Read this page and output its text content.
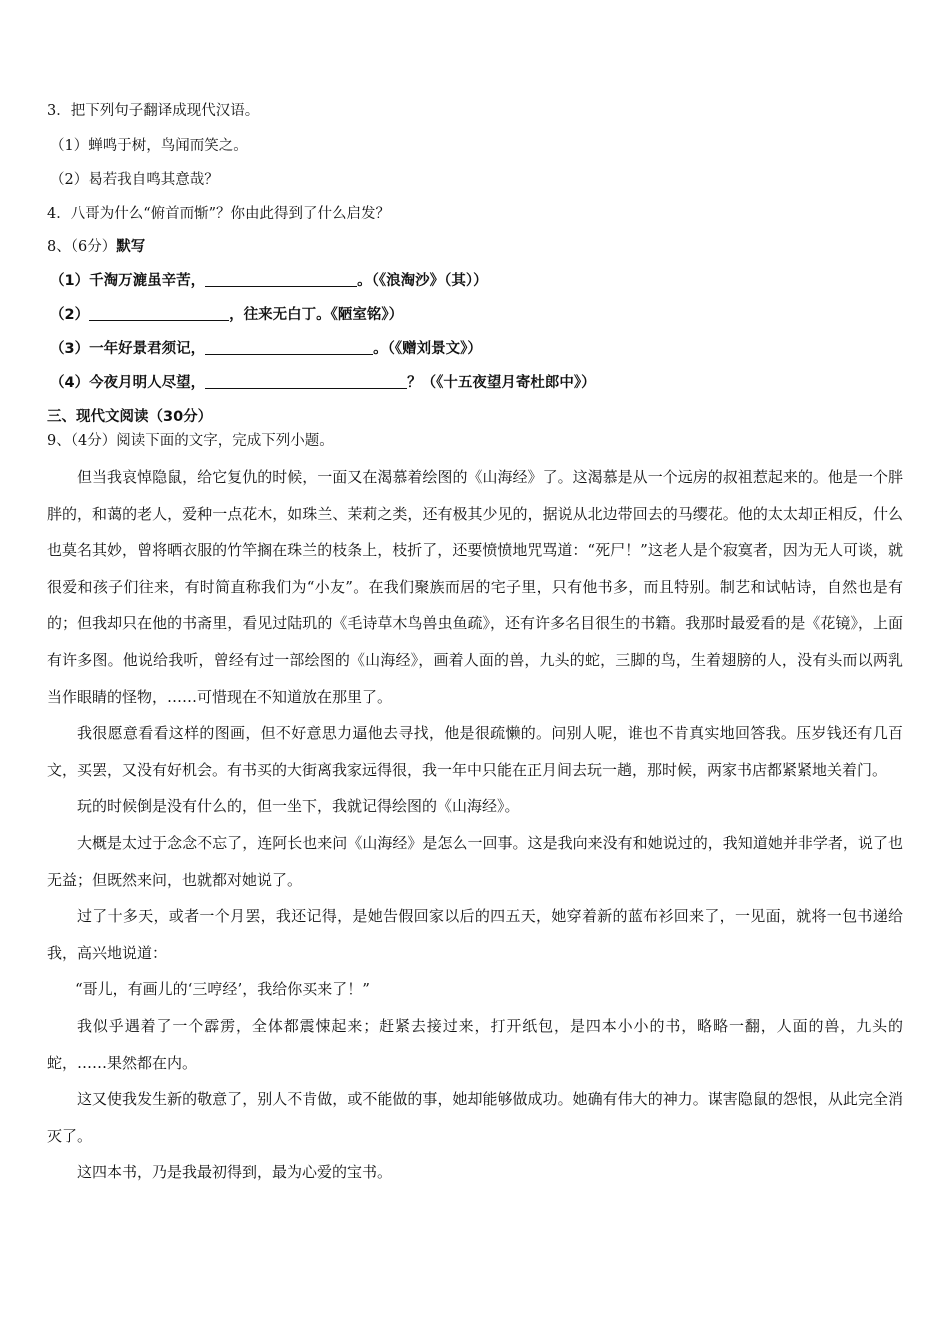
3．把下列句子翻译成现代汉语。
（1）蝉鸣于树，鸟闻而笑之。
（2）曷若我自鸣其意哉？
4．八哥为什么“俯首而惭”？你由此得到了什么启发？
8、（6分）默写
（1）千淘万漉虽辛苦，	。（《浪淘沙》（其））
（2）	，往来无白丁。《陋室铭》）
（3）一年好景君须记，	。（《赠刘景文》）
（4）今夜月明人尽望，	？（《十五夜望月寄杜郎中》）
三、现代文阅读（30分）
9、（4分）阅读下面的文字，完成下列小题。

但当我哀悼隐鼠，给它复仇的时候，一面又在渴慕着绘图的《山海经》了。这渴慕是从一个远房的叔祖惹起来的。他是一个胖胖的，和蔼的老人，爱种一点花木，如珠兰、茉莉之类，还有极其少见的，据说从北边带回去的马缨花。他的太太却正相反，什么也莫名其妙，曾将晒衣服的竹竿搁在珠兰的枝条上，枝折了，还要愤愤地咒骂道：“死尸！”这老人是个寂寞者，因为无人可谈，就很爱和孩子们往来，有时简直称我们为“小友”。在我们聚族而居的宅子里，只有他书多，而且特别。制艺和试帖诗，自然也是有的；但我却只在他的书斋里，看见过陆玑的《毛诗草木鸟兽虫鱼疏》，还有许多名目很生的书籍。我那时最爱看的是《花镜》，上面有许多图。他说给我听，曾经有过一部绘图的《山海经》，画着人面的兽，九头的蛇，三脚的鸟，生着翅膀的人，没有头而以两乳当作眼睛的怪物，……可惜现在不知道放在那里了。

我很愿意看看这样的图画，但不好意思力逼他去寻找，他是很疏懒的。问别人呢，谁也不肯真实地回答我。压岁钱还有几百文，买罢，又没有好机会。有书买的大街离我家远得很，我一年中只能在正月间去玩一趟，那时候，两家书店都紧紧地关着门。

玩的时候倒是没有什么的，但一坐下，我就记得绘图的《山海经》。

大概是太过于念念不忘了，连阿长也来问《山海经》是怎么一回事。这是我向来没有和她说过的，我知道她并非学者，说了也无益；但既然来问，也就都对她说了。

过了十多天，或者一个月罢，我还记得，是她告假回家以后的四五天，她穿着新的蓝布衫回来了，一见面，就将一包书递给我，高兴地说道：

“哥儿，有画儿的‘三哼经’，我给你买来了！”

我似乎遇着了一个霹雳，全体都震悚起来；赶紧去接过来，打开纸包，是四本小小的书，略略一翻，人面的兽，九头的蛇，……果然都在内。

这又使我发生新的敬意了，别人不肯做，或不能做的事，她却能够做成功。她确有伟大的神力。谋害隐鼠的怨恨，从此完全消灭了。

这四本书，乃是我最初得到，最为心爱的宝书。
